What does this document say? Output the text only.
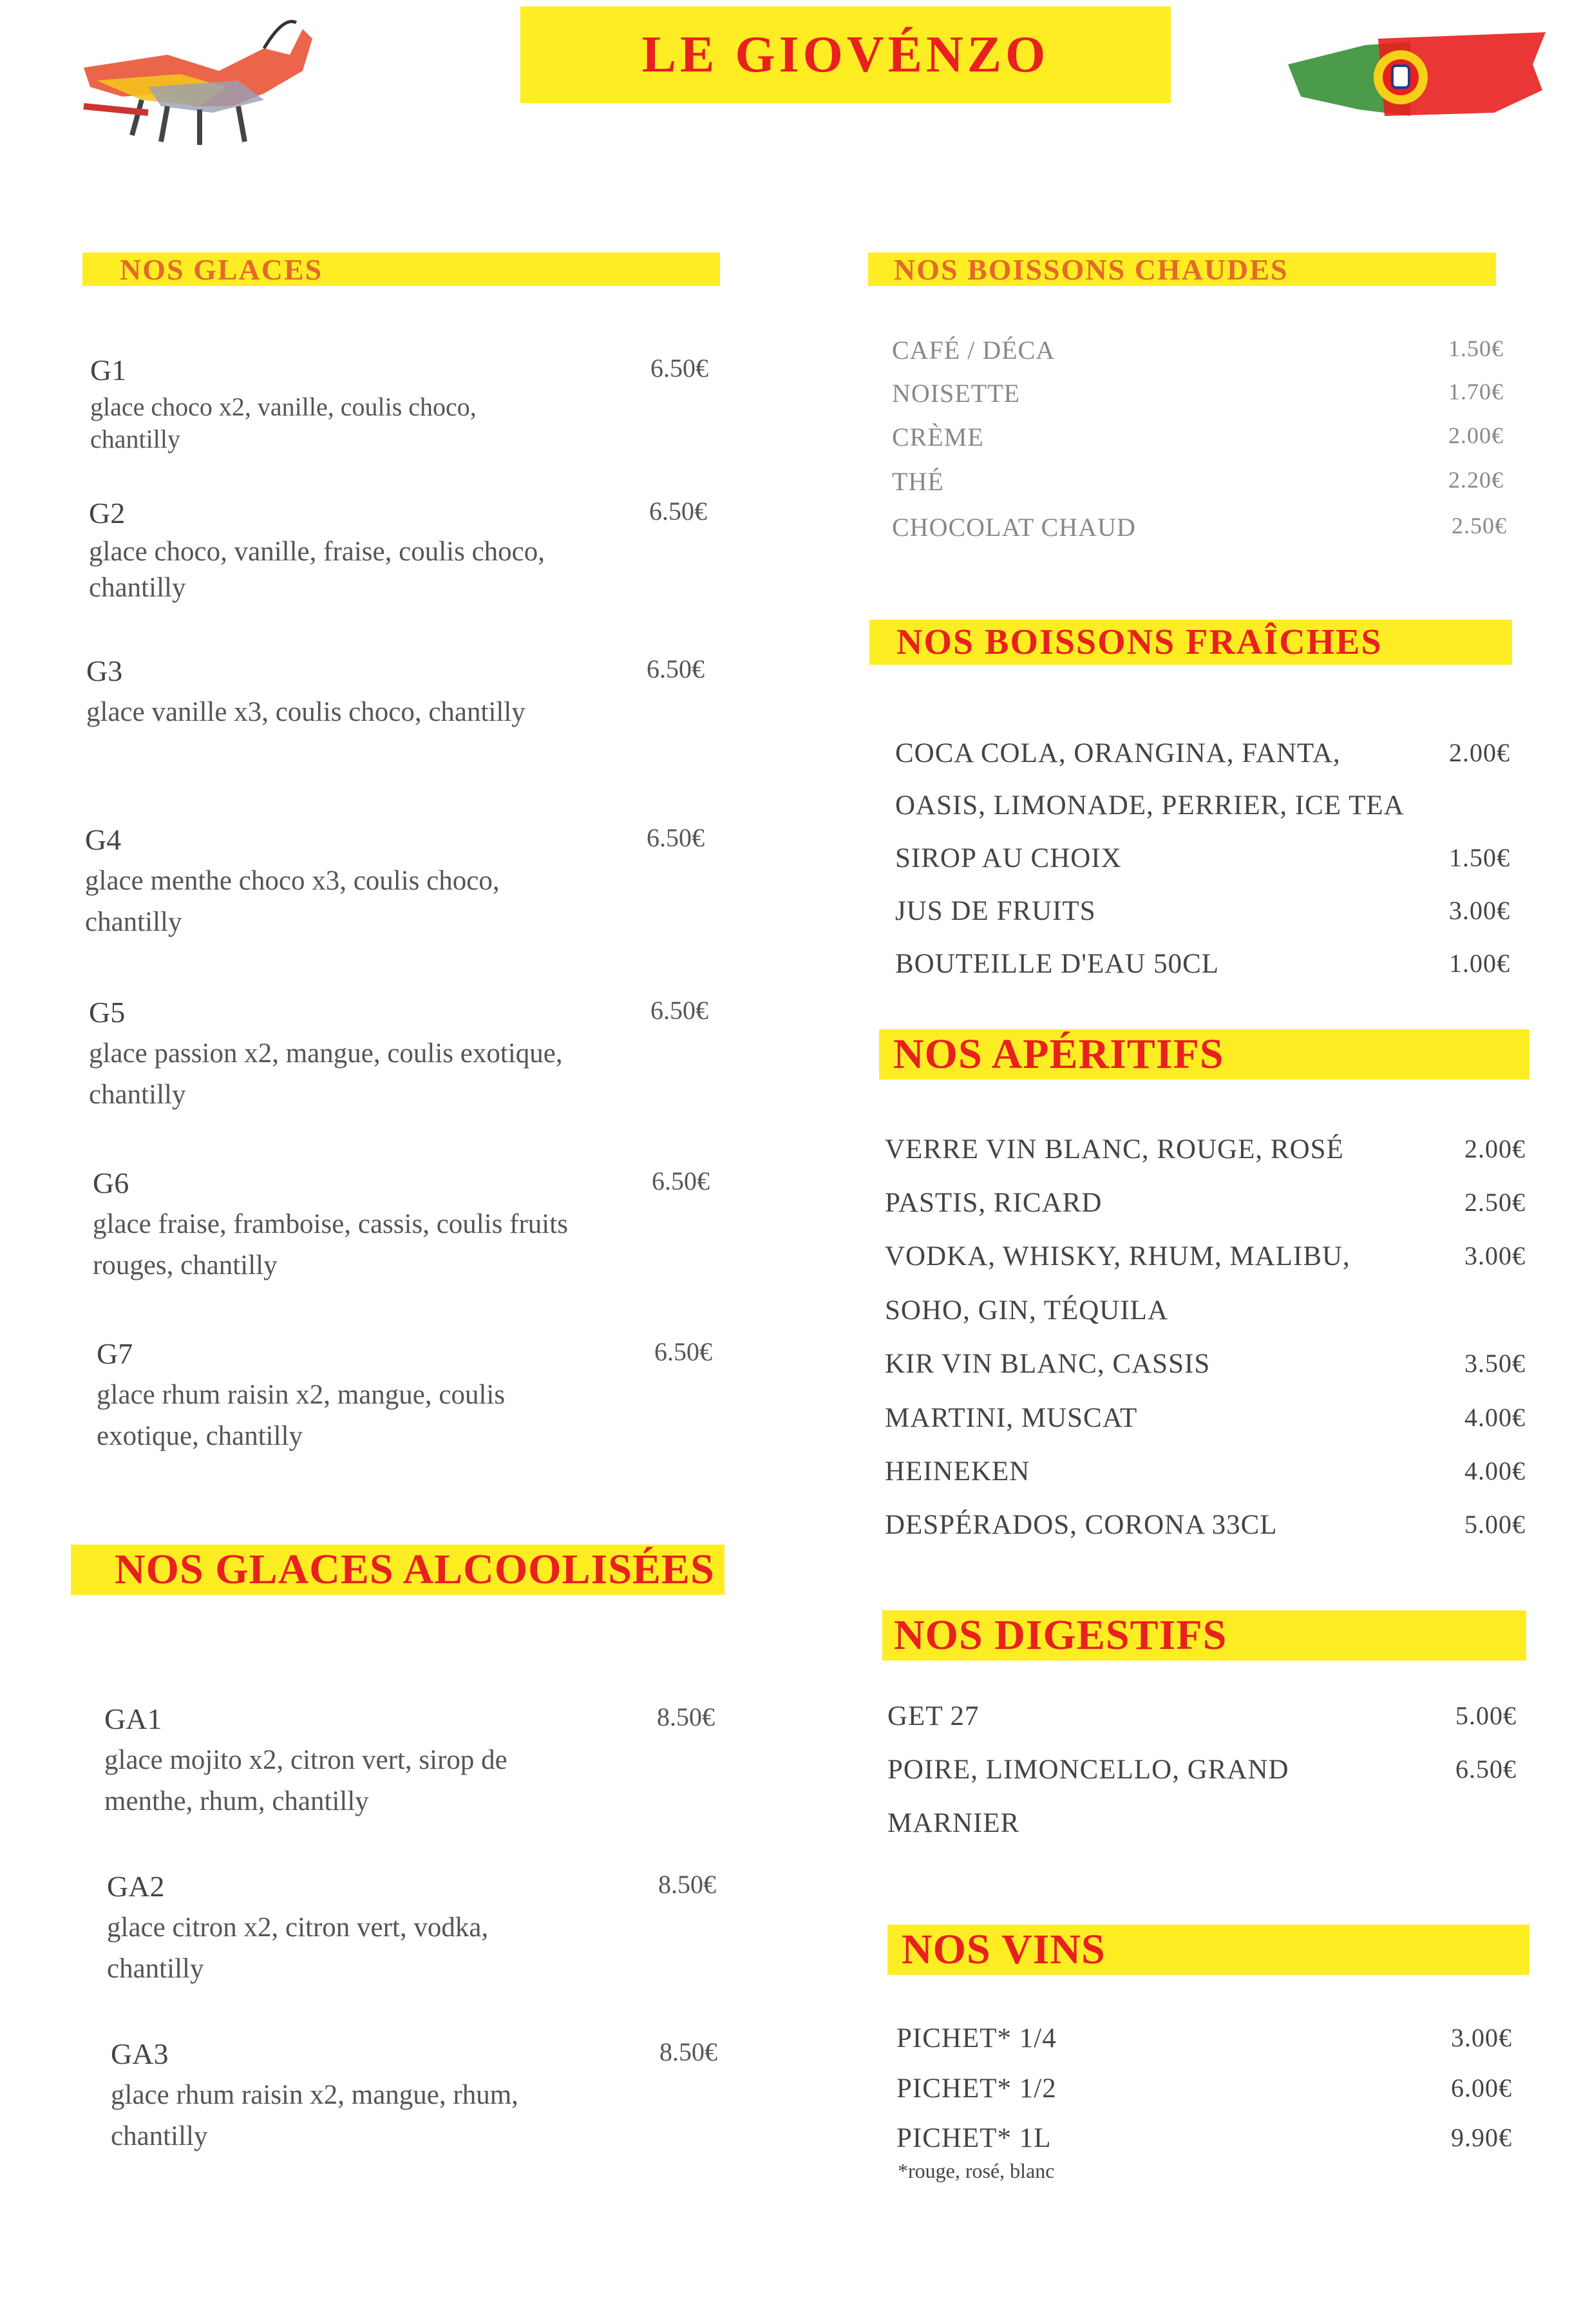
LE GIOVÉNZO
NOS GLACES
G1
glace choco x2, vanille, coulis choco, chantilly
6.50€
G2
glace choco, vanille, fraise, coulis choco, chantilly
6.50€
G3
glace vanille x3, coulis choco, chantilly
6.50€
G4
glace menthe choco x3, coulis choco, chantilly
6.50€
G5
glace passion x2, mangue, coulis exotique, chantilly
6.50€
G6
glace fraise, framboise, cassis, coulis fruits rouges, chantilly
6.50€
G7
glace rhum raisin x2, mangue, coulis exotique, chantilly
6.50€
NOS GLACES ALCOOLISÉES
GA1
glace mojito x2, citron vert, sirop de menthe, rhum, chantilly
8.50€
GA2
glace citron x2, citron vert, vodka, chantilly
8.50€
GA3
glace rhum raisin x2, mangue, rhum, chantilly
8.50€
NOS BOISSONS CHAUDES
CAFÉ / DÉCA	1.50€
NOISETTE	1.70€
CRÈME	2.00€
THÉ	2.20€
CHOCOLAT CHAUD	2.50€
NOS BOISSONS FRAÎCHES
COCA COLA, ORANGINA, FANTA,	2.00€
OASIS, LIMONADE, PERRIER, ICE TEA
SIROP AU CHOIX	1.50€
JUS DE FRUITS	3.00€
BOUTEILLE D'EAU 50CL	1.00€
NOS APÉRITIFS
VERRE VIN BLANC, ROUGE, ROSÉ	2.00€
PASTIS, RICARD	2.50€
VODKA, WHISKY, RHUM, MALIBU,	3.00€
SOHO, GIN, TÉQUILA
KIR VIN BLANC, CASSIS	3.50€
MARTINI, MUSCAT	4.00€
HEINEKEN	4.00€
DESPÉRADOS, CORONA 33CL	5.00€
NOS DIGESTIFS
GET 27	5.00€
POIRE, LIMONCELLO, GRAND	6.50€
MARNIER
NOS VINS
PICHET* 1/4	3.00€
PICHET* 1/2	6.00€
PICHET* 1L	9.90€
*rouge, rosé, blanc
